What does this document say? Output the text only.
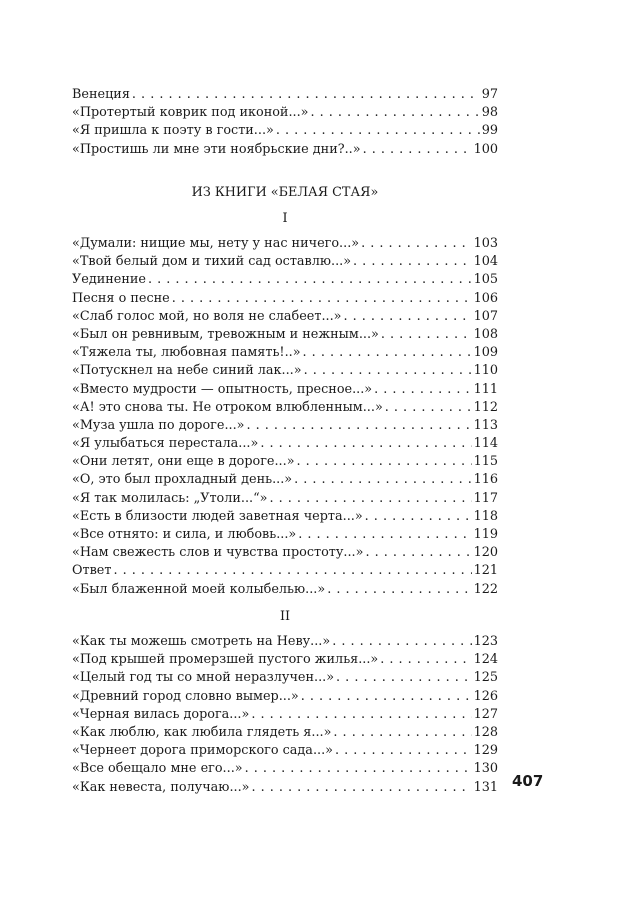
Венеция . . .	97
«Протертый коврик под иконой...» . . .	98
«Я пришла к поэту в гости...» . . .	99
«Простишь ли мне эти ноябрьские дни?..» . . .	100
ИЗ КНИГИ «БЕЛАЯ СТАЯ»
I
«Думали: нищие мы, нету у нас ничего...» . . .	103
«Твой белый дом и тихий сад оставлю...» . . .	104
Уединение . . .	105
Песня о песне . . .	106
«Слаб голос мой, но воля не слабеет...» . . .	107
«Был он ревнивым, тревожным и нежным...» . . .	108
«Тяжела ты, любовная память!..» . . .	109
«Потускнел на небе синий лак...» . . .	110
«Вместо мудрости — опытность, пресное...» . . .	111
«А! это снова ты. Не отроком влюбленным...» . . .	112
«Муза ушла по дороге...» . . .	113
«Я улыбаться перестала...» . . .	114
«Они летят, они еще в дороге...» . . .	115
«О, это был прохладный день...» . . .	116
«Я так молилась: „Утоли...“» . . .	117
«Есть в близости людей заветная черта...» . . .	118
«Все отнято: и сила, и любовь...» . . .	119
«Нам свежесть слов и чувства простоту...» . . .	120
Ответ . . .	121
«Был блаженной моей колыбелью...» . . .	122
II
«Как ты можешь смотреть на Неву...» . . .	123
«Под крышей промерзшей пустого жилья...» . . .	124
«Целый год ты со мной неразлучен...» . . .	125
«Древний город словно вымер...» . . .	126
«Черная вилась дорога...» . . .	127
«Как люблю, как любила глядеть я...» . . .	128
«Чернеет дорога приморского сада...» . . .	129
«Все обещало мне его...» . . .	130
«Как невеста, получаю...» . . .	131 407
